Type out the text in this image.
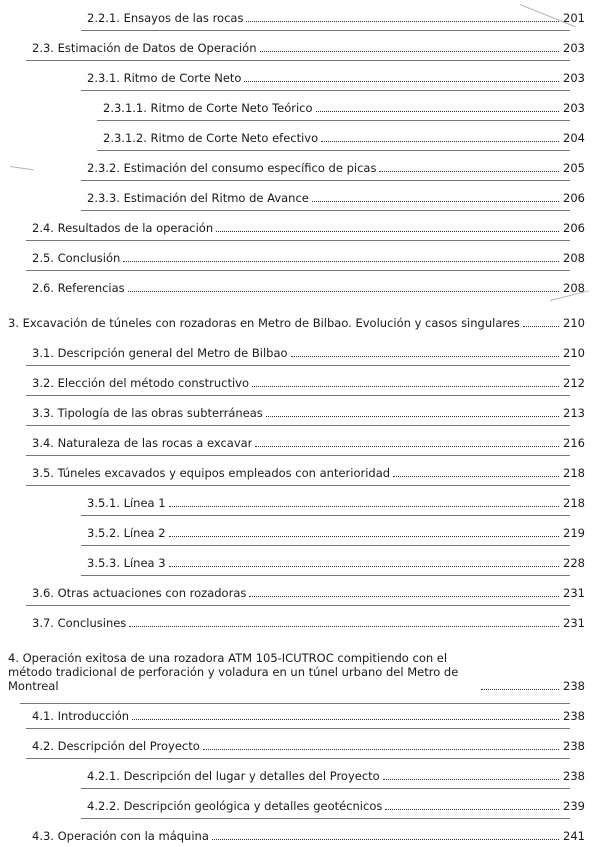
2.2.1. Ensayos de las rocas	201
2.3. Estimación de Datos de Operación	203
2.3.1. Ritmo de Corte Neto	203
2.3.1.1. Ritmo de Corte Neto Teórico	203
2.3.1.2. Ritmo de Corte Neto efectivo	204
2.3.2. Estimación del consumo específico de picas	205
2.3.3. Estimación del Ritmo de Avance	206
2.4. Resultados de la operación	206
2.5. Conclusión	208
2.6. Referencias	208
3. Excavación de túneles con rozadoras en Metro de Bilbao. Evolución y casos singulares	210
3.1. Descripción general del Metro de Bilbao	210
3.2. Elección del método constructivo	212
3.3. Tipología de las obras subterráneas	213
3.4. Naturaleza de las rocas a excavar	216
3.5. Túneles excavados y equipos empleados con anterioridad	218
3.5.1. Línea 1	218
3.5.2. Línea 2	219
3.5.3. Línea 3	228
3.6. Otras actuaciones con rozadoras	231
3.7. Conclusines	231
4. Operación exitosa de una rozadora ATM 105-ICUTROC compitiendo con el método tradicional de perforación y voladura en un túnel urbano del Metro de Montreal	238
4.1. Introducción	238
4.2. Descripción del Proyecto	238
4.2.1. Descripción del lugar y detalles del Proyecto	238
4.2.2. Descripción geológica y detalles geotécnicos	239
4.3. Operación con la máquina	241
